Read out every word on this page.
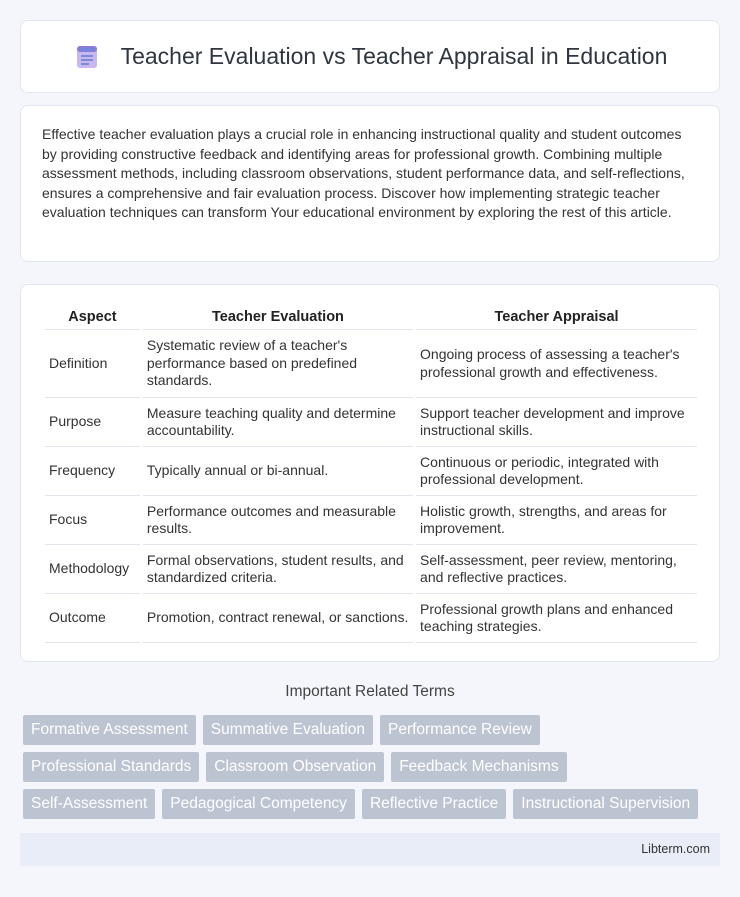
Teacher Evaluation vs Teacher Appraisal in Education

Effective teacher evaluation plays a crucial role in enhancing instructional quality and student outcomes by providing constructive feedback and identifying areas for professional growth. Combining multiple assessment methods, including classroom observations, student performance data, and self-reflections, ensures a comprehensive and fair evaluation process. Discover how implementing strategic teacher evaluation techniques can transform Your educational environment by exploring the rest of this article.

Aspect	Teacher Evaluation	Teacher Appraisal
Definition	Systematic review of a teacher's performance based on predefined standards.	Ongoing process of assessing a teacher's professional growth and effectiveness.
Purpose	Measure teaching quality and determine accountability.	Support teacher development and improve instructional skills.
Frequency	Typically annual or bi-annual.	Continuous or periodic, integrated with professional development.
Focus	Performance outcomes and measurable results.	Holistic growth, strengths, and areas for improvement.
Methodology	Formal observations, student results, and standardized criteria.	Self-assessment, peer review, mentoring, and reflective practices.
Outcome	Promotion, contract renewal, or sanctions.	Professional growth plans and enhanced teaching strategies.
Important Related Terms
Formative Assessment	Summative Evaluation	Performance Review
Professional Standards	Classroom Observation	Feedback Mechanisms
Self-Assessment	Pedagogical Competency	Reflective Practice	Instructional Supervision
Libterm.com
